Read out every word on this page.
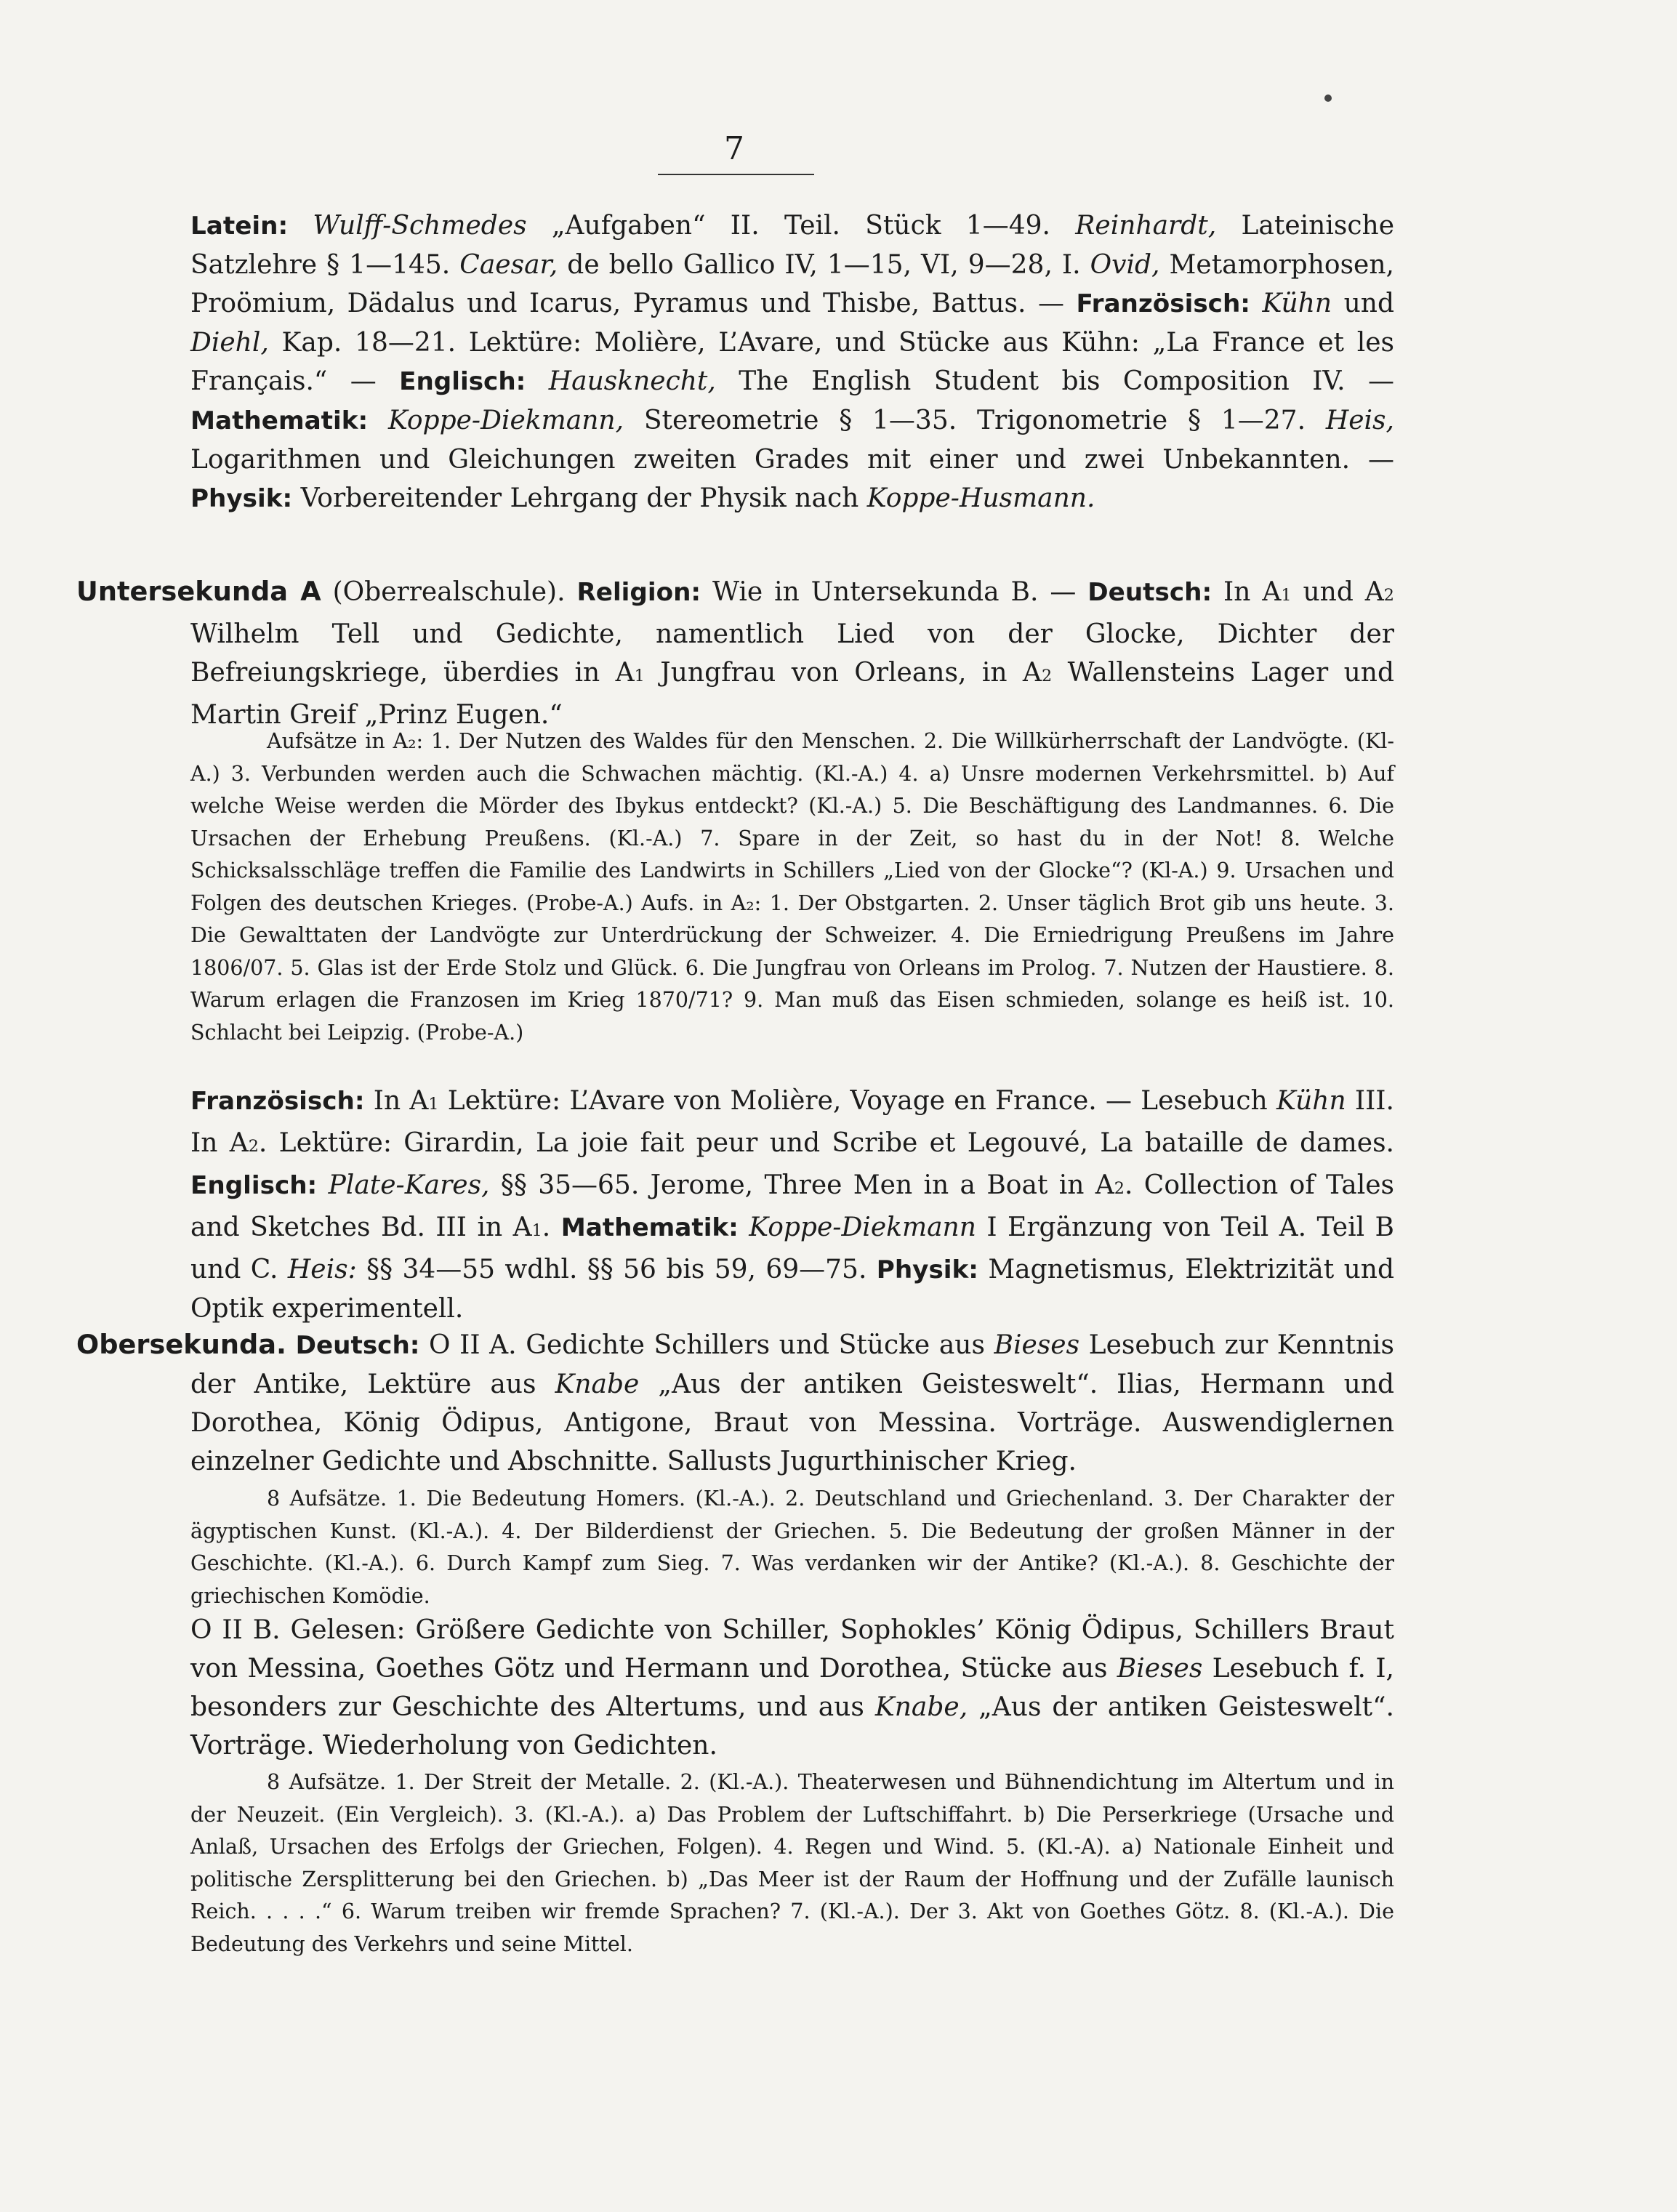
7
Latein: Wulff-Schmedes „Aufgaben“ II. Teil. Stück 1—49. Reinhardt, Lateinische Satzlehre § 1—145. Caesar, de bello Gallico IV, 1—15, VI, 9—28, I. Ovid, Metamorphosen, Proömium, Dädalus und Icarus, Pyramus und Thisbe, Battus. — Französisch: Kühn und Diehl, Kap. 18—21. Lektüre: Molière, L’Avare, und Stücke aus Kühn: „La France et les Français.“ — Englisch: Hausknecht, The English Student bis Composition IV. — Mathematik: Koppe-Diekmann, Stereometrie § 1—35. Trigonometrie § 1—27. Heis, Logarithmen und Gleichungen zweiten Grades mit einer und zwei Unbekannten. — Physik: Vorbereitender Lehrgang der Physik nach Koppe-Husmann.
Untersekunda A (Oberrealschule). Religion: Wie in Untersekunda B. — Deutsch: In A1 und A2 Wilhelm Tell und Gedichte, namentlich Lied von der Glocke, Dichter der Befreiungskriege, überdies in A1 Jungfrau von Orleans, in A2 Wallensteins Lager und Martin Greif „Prinz Eugen.“
Aufsätze in A₂: 1. Der Nutzen des Waldes für den Menschen. 2. Die Willkürherrschaft der Landvögte. (Kl-A.) 3. Verbunden werden auch die Schwachen mächtig. (Kl.-A.) 4. a) Unsre modernen Verkehrsmittel. b) Auf welche Weise werden die Mörder des Ibykus entdeckt? (Kl.-A.) 5. Die Beschäftigung des Landmannes. 6. Die Ursachen der Erhebung Preußens. (Kl.-A.) 7. Spare in der Zeit, so hast du in der Not! 8. Welche Schicksalsschläge treffen die Familie des Landwirts in Schillers „Lied von der Glocke“? (Kl-A.) 9. Ursachen und Folgen des deutschen Krieges. (Probe-A.) Aufs. in A₂: 1. Der Obstgarten. 2. Unser täglich Brot gib uns heute. 3. Die Gewalttaten der Landvögte zur Unterdrückung der Schweizer. 4. Die Erniedrigung Preußens im Jahre 1806/07. 5. Glas ist der Erde Stolz und Glück. 6. Die Jungfrau von Orleans im Prolog. 7. Nutzen der Haustiere. 8. Warum erlagen die Franzosen im Krieg 1870/71? 9. Man muß das Eisen schmieden, solange es heiß ist. 10. Schlacht bei Leipzig. (Probe-A.)
Französisch: In A1 Lektüre: L’Avare von Molière, Voyage en France. — Lesebuch Kühn III. In A2. Lektüre: Girardin, La joie fait peur und Scribe et Legouvé, La bataille de dames. Englisch: Plate-Kares, §§ 35—65. Jerome, Three Men in a Boat in A2. Collection of Tales and Sketches Bd. III in A1. Mathematik: Koppe-Diekmann I Ergänzung von Teil A. Teil B und C. Heis: §§ 34—55 wdhl. §§ 56 bis 59, 69—75. Physik: Magnetismus, Elektrizität und Optik experimentell.
Obersekunda. Deutsch: O II A. Gedichte Schillers und Stücke aus Bieses Lesebuch zur Kenntnis der Antike, Lektüre aus Knabe „Aus der antiken Geisteswelt“. Ilias, Hermann und Dorothea, König Ödipus, Antigone, Braut von Messina. Vorträge. Auswendiglernen einzelner Gedichte und Abschnitte. Sallusts Jugurthinischer Krieg.
8 Aufsätze. 1. Die Bedeutung Homers. (Kl.-A.). 2. Deutschland und Griechenland. 3. Der Charakter der ägyptischen Kunst. (Kl.-A.). 4. Der Bilderdienst der Griechen. 5. Die Bedeutung der großen Männer in der Geschichte. (Kl.-A.). 6. Durch Kampf zum Sieg. 7. Was verdanken wir der Antike? (Kl.-A.). 8. Geschichte der griechischen Komödie.
O II B. Gelesen: Größere Gedichte von Schiller, Sophokles’ König Ödipus, Schillers Braut von Messina, Goethes Götz und Hermann und Dorothea, Stücke aus Bieses Lesebuch f. I, besonders zur Geschichte des Altertums, und aus Knabe, „Aus der antiken Geisteswelt“. Vorträge. Wiederholung von Gedichten.
8 Aufsätze. 1. Der Streit der Metalle. 2. (Kl.-A.). Theaterwesen und Bühnendichtung im Altertum und in der Neuzeit. (Ein Vergleich). 3. (Kl.-A.). a) Das Problem der Luftschiffahrt. b) Die Perserkriege (Ursache und Anlaß, Ursachen des Erfolgs der Griechen, Folgen). 4. Regen und Wind. 5. (Kl.-A). a) Nationale Einheit und politische Zersplitterung bei den Griechen. b) „Das Meer ist der Raum der Hoffnung und der Zufälle launisch Reich. . . . .“ 6. Warum treiben wir fremde Sprachen? 7. (Kl.-A.). Der 3. Akt von Goethes Götz. 8. (Kl.-A.). Die Bedeutung des Verkehrs und seine Mittel.
